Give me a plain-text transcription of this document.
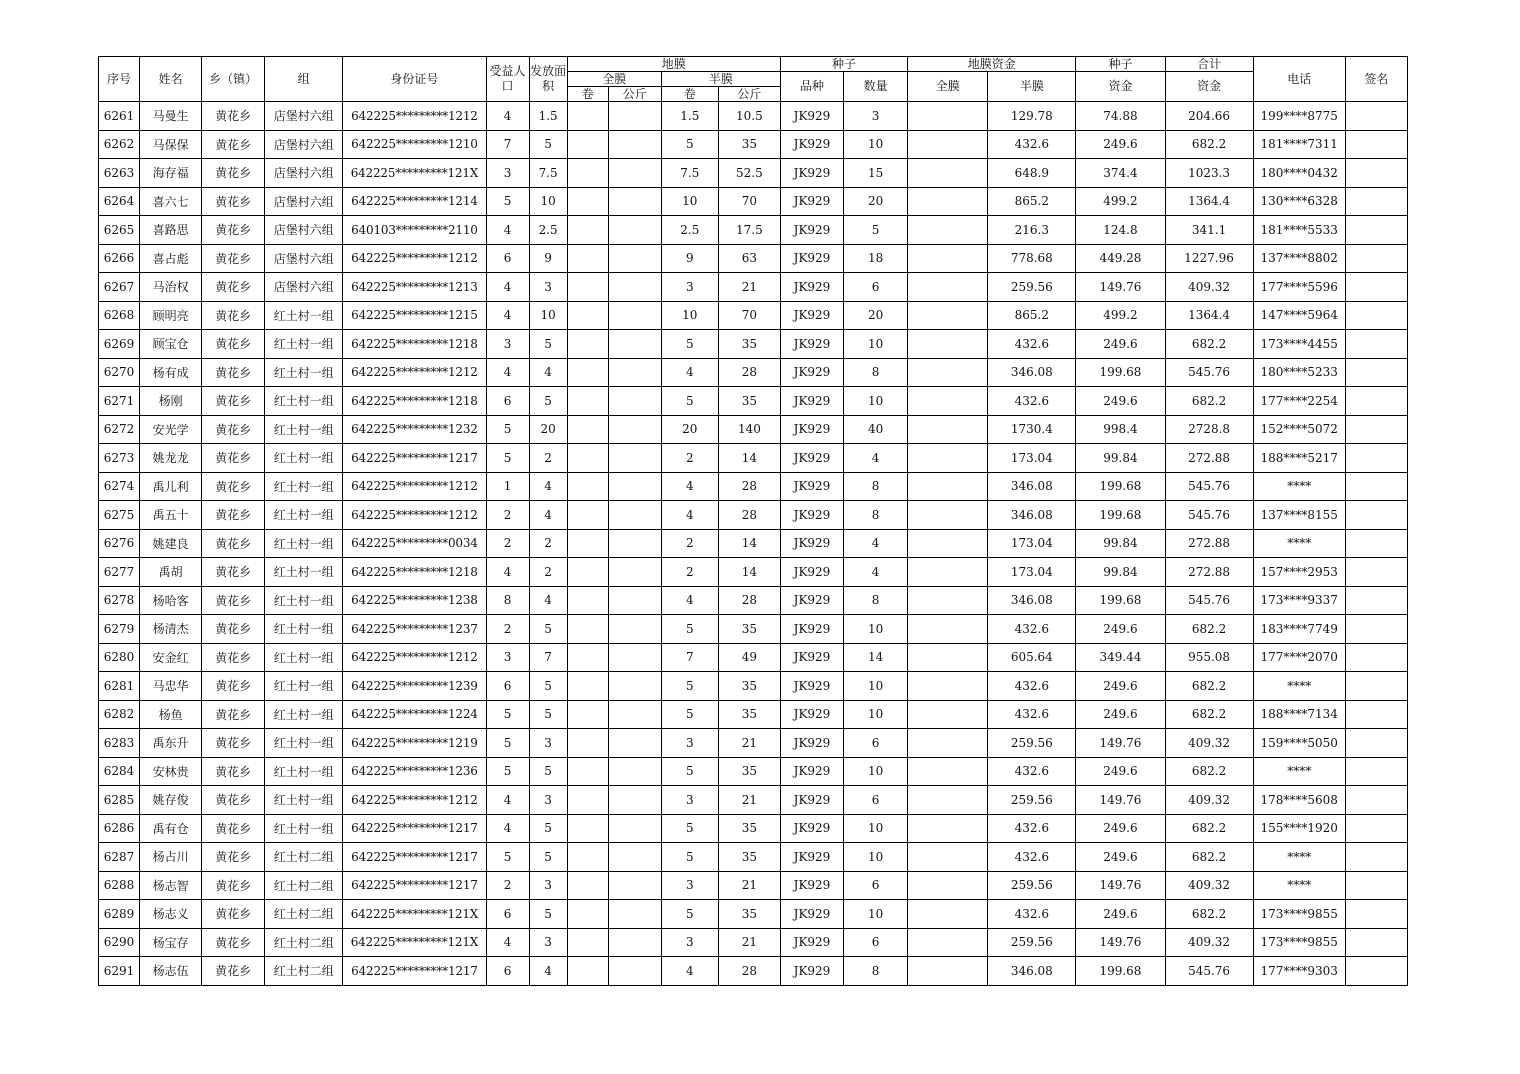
序号	姓名	乡（镇）	组	身份证号	受益人口	发放面积	地膜				种子		地膜资金		种子	合计	电话	签名
							全膜		半膜		品种	数量	全膜	半膜	资金	资金		
							卷	公斤	卷	公斤								
6261	马曼生	黄花乡	店堡村六组	642225*********1212	4	1.5			1.5	10.5	JK929	3		129.78	74.88	204.66	199****8775	
6262	马保保	黄花乡	店堡村六组	642225*********1210	7	5			5	35	JK929	10		432.6	249.6	682.2	181****7311	
6263	海存福	黄花乡	店堡村六组	642225*********121X	3	7.5			7.5	52.5	JK929	15		648.9	374.4	1023.3	180****0432	
6264	喜六七	黄花乡	店堡村六组	642225*********1214	5	10			10	70	JK929	20		865.2	499.2	1364.4	130****6328	
6265	喜路思	黄花乡	店堡村六组	640103*********2110	4	2.5			2.5	17.5	JK929	5		216.3	124.8	341.1	181****5533	
6266	喜占彪	黄花乡	店堡村六组	642225*********1212	6	9			9	63	JK929	18		778.68	449.28	1227.96	137****8802	
6267	马治权	黄花乡	店堡村六组	642225*********1213	4	3			3	21	JK929	6		259.56	149.76	409.32	177****5596	
6268	顾明亮	黄花乡	红土村一组	642225*********1215	4	10			10	70	JK929	20		865.2	499.2	1364.4	147****5964	
6269	顾宝仓	黄花乡	红土村一组	642225*********1218	3	5			5	35	JK929	10		432.6	249.6	682.2	173****4455	
6270	杨有成	黄花乡	红土村一组	642225*********1212	4	4			4	28	JK929	8		346.08	199.68	545.76	180****5233	
6271	杨刚	黄花乡	红土村一组	642225*********1218	6	5			5	35	JK929	10		432.6	249.6	682.2	177****2254	
6272	安光学	黄花乡	红土村一组	642225*********1232	5	20			20	140	JK929	40		1730.4	998.4	2728.8	152****5072	
6273	姚龙龙	黄花乡	红土村一组	642225*********1217	5	2			2	14	JK929	4		173.04	99.84	272.88	188****5217	
6274	禹儿利	黄花乡	红土村一组	642225*********1212	1	4			4	28	JK929	8		346.08	199.68	545.76	****	
6275	禹五十	黄花乡	红土村一组	642225*********1212	2	4			4	28	JK929	8		346.08	199.68	545.76	137****8155	
6276	姚建良	黄花乡	红土村一组	642225*********0034	2	2			2	14	JK929	4		173.04	99.84	272.88	****	
6277	禹胡	黄花乡	红土村一组	642225*********1218	4	2			2	14	JK929	4		173.04	99.84	272.88	157****2953	
6278	杨哈客	黄花乡	红土村一组	642225*********1238	8	4			4	28	JK929	8		346.08	199.68	545.76	173****9337	
6279	杨清杰	黄花乡	红土村一组	642225*********1237	2	5			5	35	JK929	10		432.6	249.6	682.2	183****7749	
6280	安金红	黄花乡	红土村一组	642225*********1212	3	7			7	49	JK929	14		605.64	349.44	955.08	177****2070	
6281	马忠华	黄花乡	红土村一组	642225*********1239	6	5			5	35	JK929	10		432.6	249.6	682.2	****	
6282	杨鱼	黄花乡	红土村一组	642225*********1224	5	5			5	35	JK929	10		432.6	249.6	682.2	188****7134	
6283	禹东升	黄花乡	红土村一组	642225*********1219	5	3			3	21	JK929	6		259.56	149.76	409.32	159****5050	
6284	安林贵	黄花乡	红土村一组	642225*********1236	5	5			5	35	JK929	10		432.6	249.6	682.2	****	
6285	姚存俊	黄花乡	红土村一组	642225*********1212	4	3			3	21	JK929	6		259.56	149.76	409.32	178****5608	
6286	禹有仓	黄花乡	红土村一组	642225*********1217	4	5			5	35	JK929	10		432.6	249.6	682.2	155****1920	
6287	杨占川	黄花乡	红土村二组	642225*********1217	5	5			5	35	JK929	10		432.6	249.6	682.2	****	
6288	杨志智	黄花乡	红土村二组	642225*********1217	2	3			3	21	JK929	6		259.56	149.76	409.32	****	
6289	杨志义	黄花乡	红土村二组	642225*********121X	6	5			5	35	JK929	10		432.6	249.6	682.2	173****9855	
6290	杨宝存	黄花乡	红土村二组	642225*********121X	4	3			3	21	JK929	6		259.56	149.76	409.32	173****9855	
6291	杨志伍	黄花乡	红土村二组	642225*********1217	6	4			4	28	JK929	8		346.08	199.68	545.76	177****9303	
